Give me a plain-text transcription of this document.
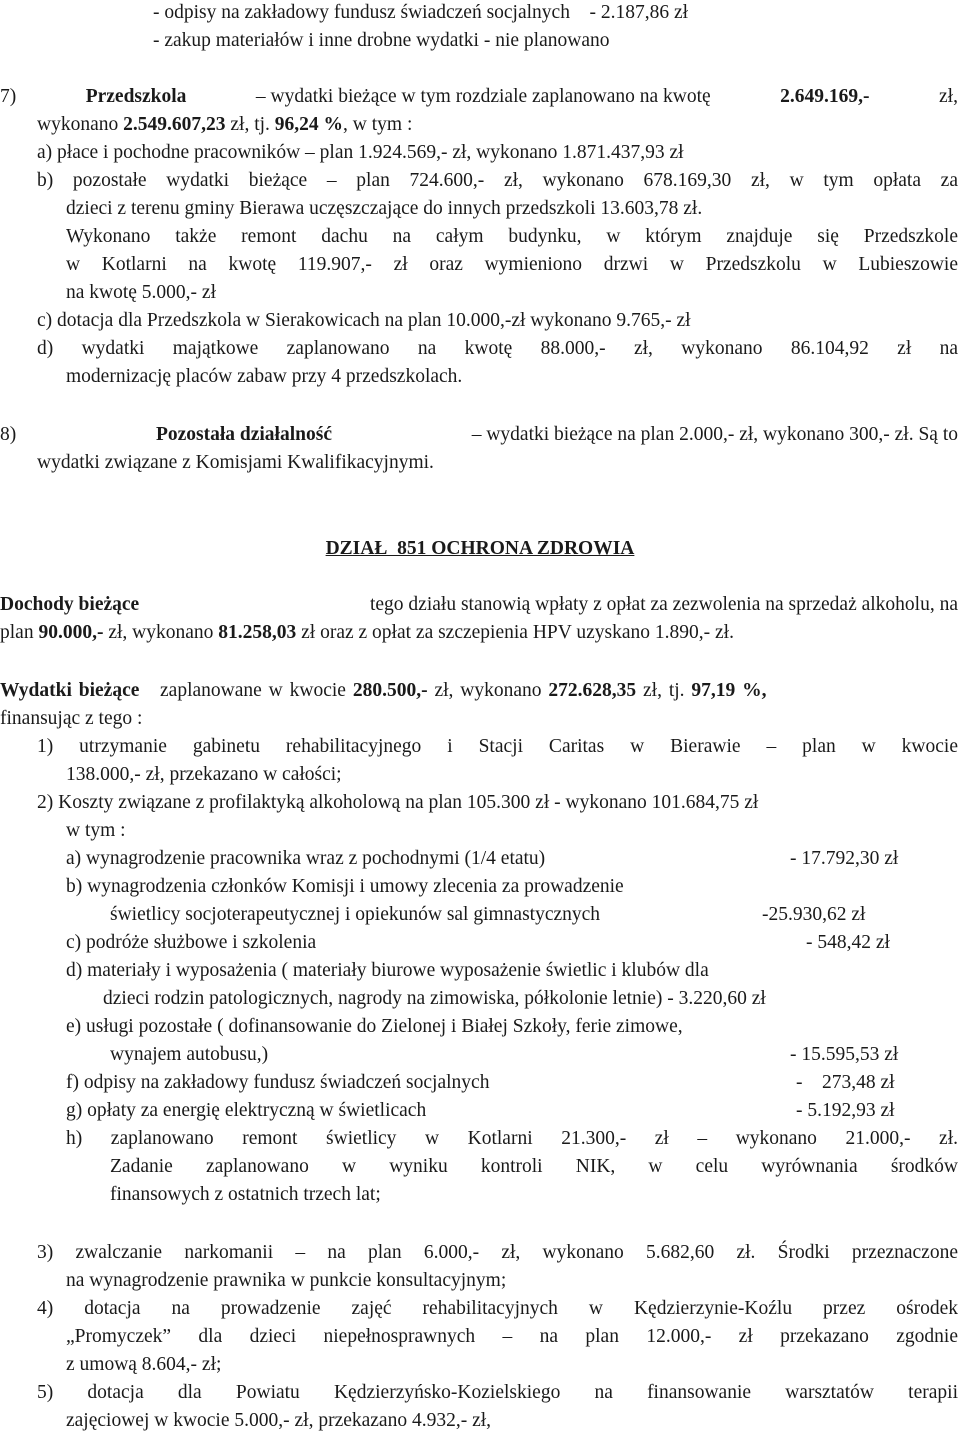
- odpisy na zakładowy fundusz świadczeń socjalnych - 2.187,86 zł
- zakup materiałów i inne drobne wydatki - nie planowano
7)	Przedszkola	– wydatki bieżące w tym rozdziale zaplanowano na kwotę	2.649.169,-	zł,
wykonano 2.549.607,23 zł, tj. 96,24 %, w tym :
a) płace i pochodne pracowników – plan 1.924.569,- zł, wykonano 1.871.437,93 zł
b) pozostałe wydatki bieżące – plan 724.600,- zł, wykonano 678.169,30 zł, w tym opłata za
dzieci z terenu gminy Bierawa uczęszczające do innych przedszkoli 13.603,78 zł.
Wykonano także remont dachu na całym budynku, w którym znajduje się Przedszkole
w Kotlarni na kwotę 119.907,- zł oraz wymieniono drzwi w Przedszkolu w Lubieszowie
na kwotę 5.000,- zł
c) dotacja dla Przedszkola w Sierakowicach na plan 10.000,-zł wykonano 9.765,- zł
d) wydatki majątkowe zaplanowano na kwotę 88.000,- zł, wykonano 86.104,92 zł na
modernizację placów zabaw przy 4 przedszkolach.
8)	Pozostała działalność	– wydatki bieżące na plan 2.000,- zł, wykonano 300,- zł. Są to
wydatki związane z Komisjami Kwalifikacyjnymi.
DZIAŁ  851 OCHRONA ZDROWIA
Dochody bieżące	tego działu stanowią wpłaty z opłat za zezwolenia na sprzedaż alkoholu, na
plan 90.000,- zł, wykonano 81.258,03 zł oraz z opłat za szczepienia HPV uzyskano 1.890,- zł.
Wydatki bieżące zaplanowane w kwocie 280.500,- zł, wykonano 272.628,35 zł, tj. 97,19 %,
finansując z tego :
1) utrzymanie gabinetu rehabilitacyjnego i Stacji Caritas w Bierawie – plan w kwocie
138.000,- zł, przekazano w całości;
2) Koszty związane z profilaktyką alkoholową na plan 105.300 zł - wykonano 101.684,75 zł
w tym :
a) wynagrodzenie pracownika wraz z pochodnymi (1/4 etatu)	- 17.792,30 zł
b) wynagrodzenia członków Komisji i umowy zlecenia za prowadzenie
świetlicy socjoterapeutycznej i opiekunów sal gimnastycznych	-25.930,62 zł
c) podróże służbowe i szkolenia	- 548,42 zł
d) materiały i wyposażenia ( materiały biurowe wyposażenie świetlic i klubów dla
dzieci rodzin patologicznych, nagrody na zimowiska, półkolonie letnie) - 3.220,60 zł
e) usługi pozostałe ( dofinansowanie do Zielonej i Białej Szkoły, ferie zimowe,
wynajem autobusu,)	- 15.595,53 zł
f) odpisy na zakładowy fundusz świadczeń socjalnych	-    273,48 zł
g) opłaty za energię elektryczną w świetlicach	- 5.192,93 zł
h) zaplanowano remont świetlicy w Kotlarni 21.300,- zł – wykonano 21.000,- zł.
Zadanie zaplanowano w wyniku kontroli NIK, w celu wyrównania środków
finansowych z ostatnich trzech lat;
3) zwalczanie narkomanii – na plan 6.000,- zł, wykonano 5.682,60 zł. Środki przeznaczone
na wynagrodzenie prawnika w punkcie konsultacyjnym;
4) dotacja na prowadzenie zajęć rehabilitacyjnych w Kędzierzynie-Koźlu przez ośrodek
„Promyczek” dla dzieci niepełnosprawnych – na plan 12.000,- zł przekazano zgodnie
z umową 8.604,- zł;
5) dotacja dla Powiatu Kędzierzyńsko-Kozielskiego na finansowanie warsztatów terapii
zajęciowej w kwocie 5.000,- zł, przekazano 4.932,- zł,
